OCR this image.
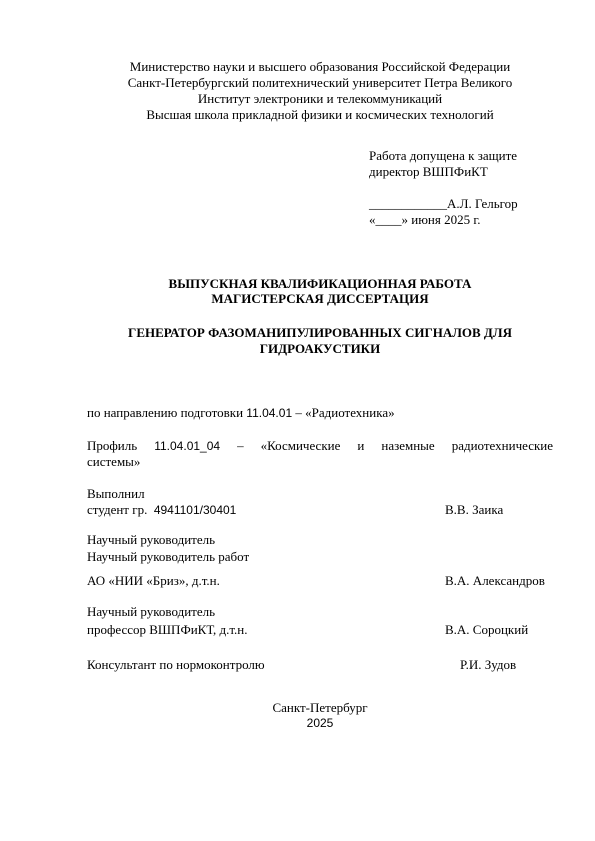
Министерство науки и высшего образования Российской Федерации
Санкт-Петербургский политехнический университет Петра Великого
Институт электроники и телекоммуникаций
Высшая школа прикладной физики и космических технологий
Работа допущена к защите
директор ВШПФиКТ
____________А.Л. Гельгор
«____» июня 2025 г.
ВЫПУСКНАЯ КВАЛИФИКАЦИОННАЯ РАБОТА
МАГИСТЕРСКАЯ ДИССЕРТАЦИЯ
ГЕНЕРАТОР ФАЗОМАНИПУЛИРОВАННЫХ СИГНАЛОВ ДЛЯ
ГИДРОАКУСТИКИ
по направлению подготовки 11.04.01 – «Радиотехника»
Профиль 11.04.01_04 – «Космические и наземные радиотехнические
системы»
Выполнил
студент гр. 4941101/30401	В.В. Заика
Научный руководитель
Научный руководитель работ
АО «НИИ «Бриз», д.т.н.	В.А. Александров
Научный руководитель
профессор ВШПФиКТ, д.т.н.	В.А. Сороцкий
Консультант по нормоконтролю	Р.И. Зудов
Санкт-Петербург
2025
